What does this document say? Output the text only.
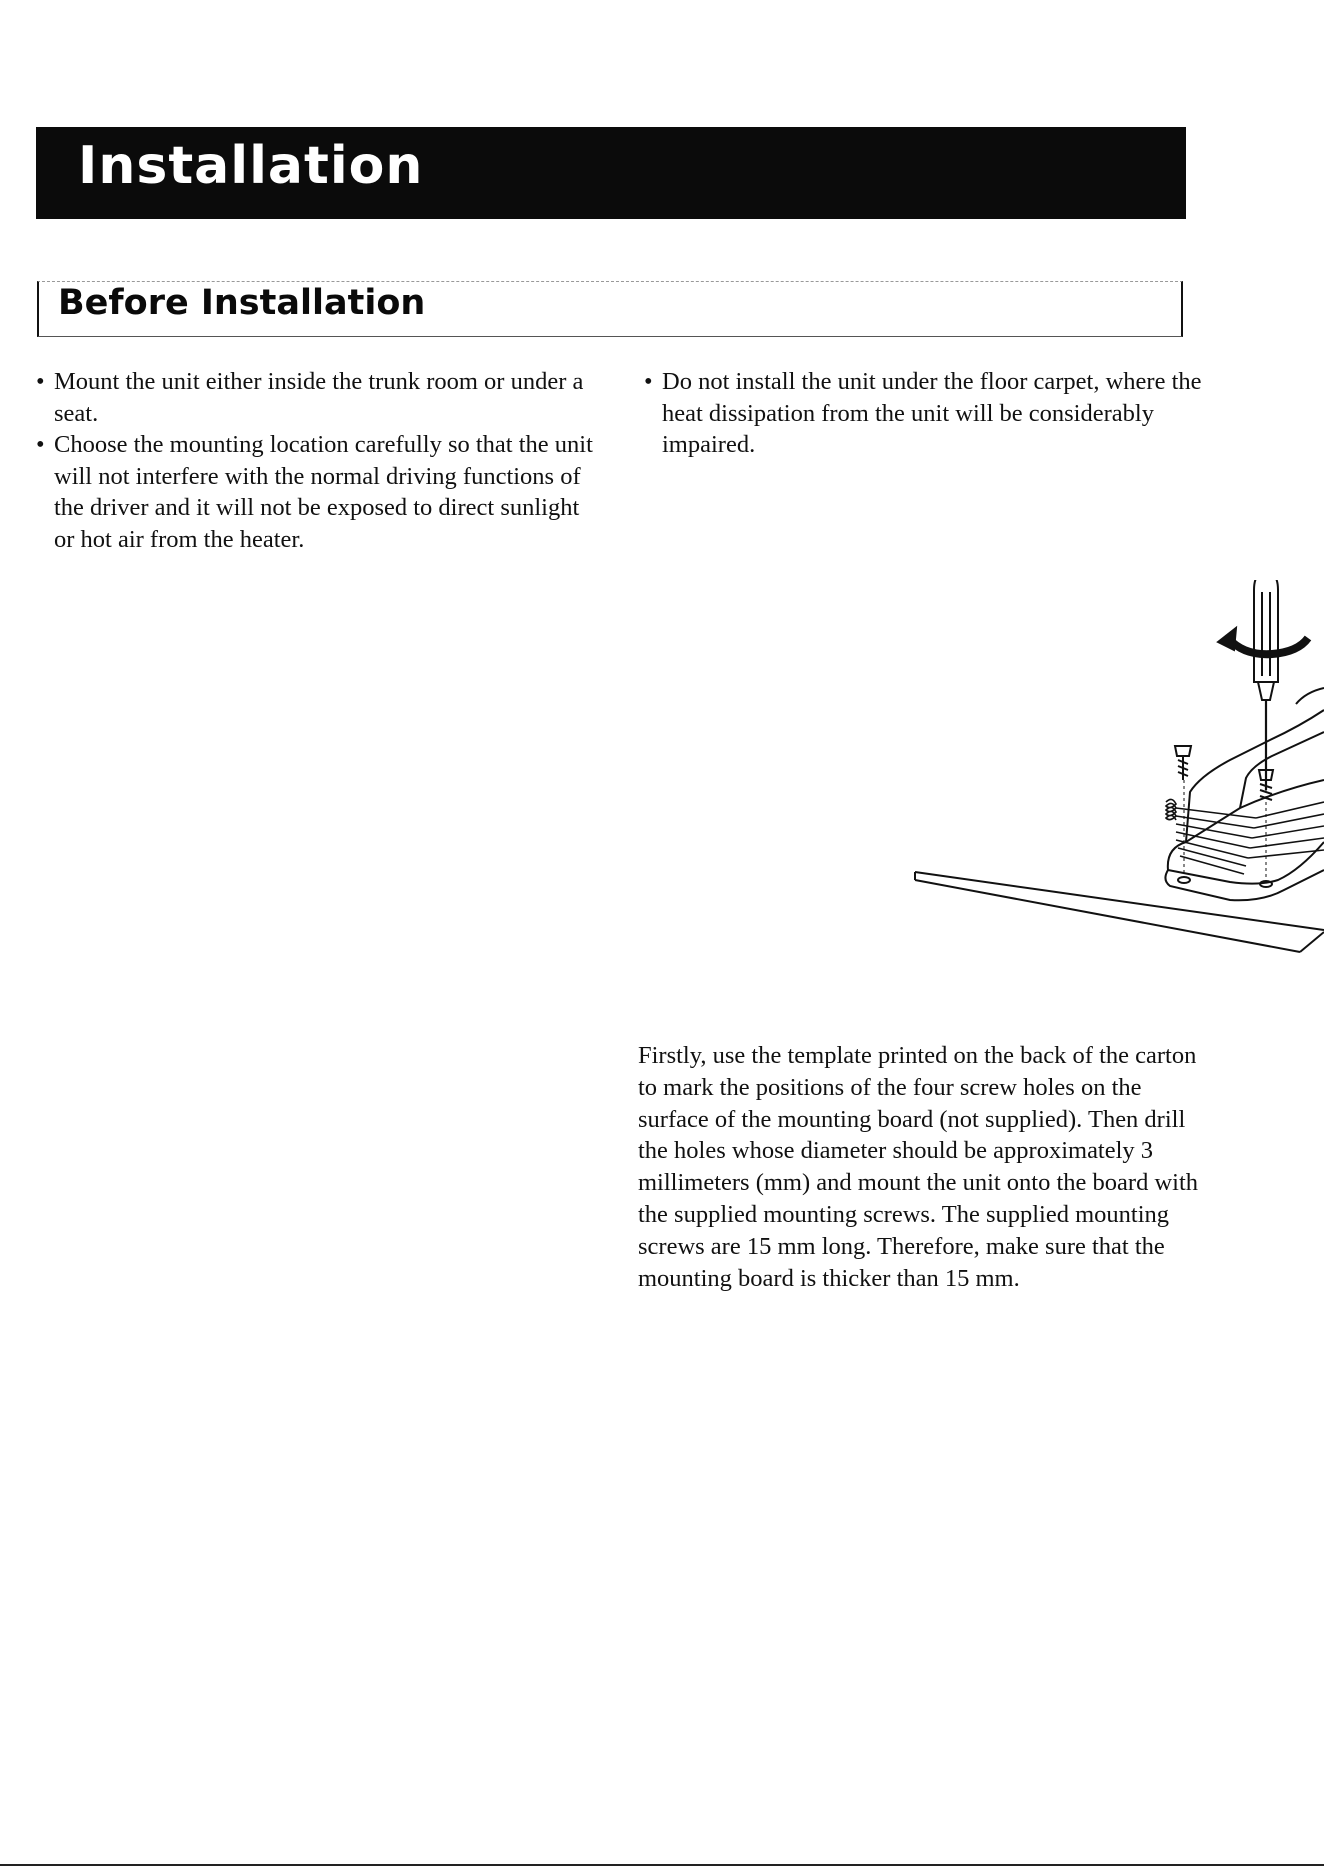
Installation
Before Installation
• Mount the unit either inside the trunk room or under a seat.
• Choose the mounting location carefully so that the unit will not interfere with the normal driving functions of the driver and it will not be exposed to direct sunlight or hot air from the heater.
• Do not install the unit under the floor carpet, where the heat dissipation from the unit will be considerably impaired.

Firstly, use the template printed on the back of the carton to mark the positions of the four screw holes on the surface of the mounting board (not supplied). Then drill the holes whose diameter should be approximately 3 millimeters (mm) and mount the unit onto the board with the supplied mounting screws. The supplied mounting screws are 15 mm long. Therefore, make sure that the mounting board is thicker than 15 mm.
